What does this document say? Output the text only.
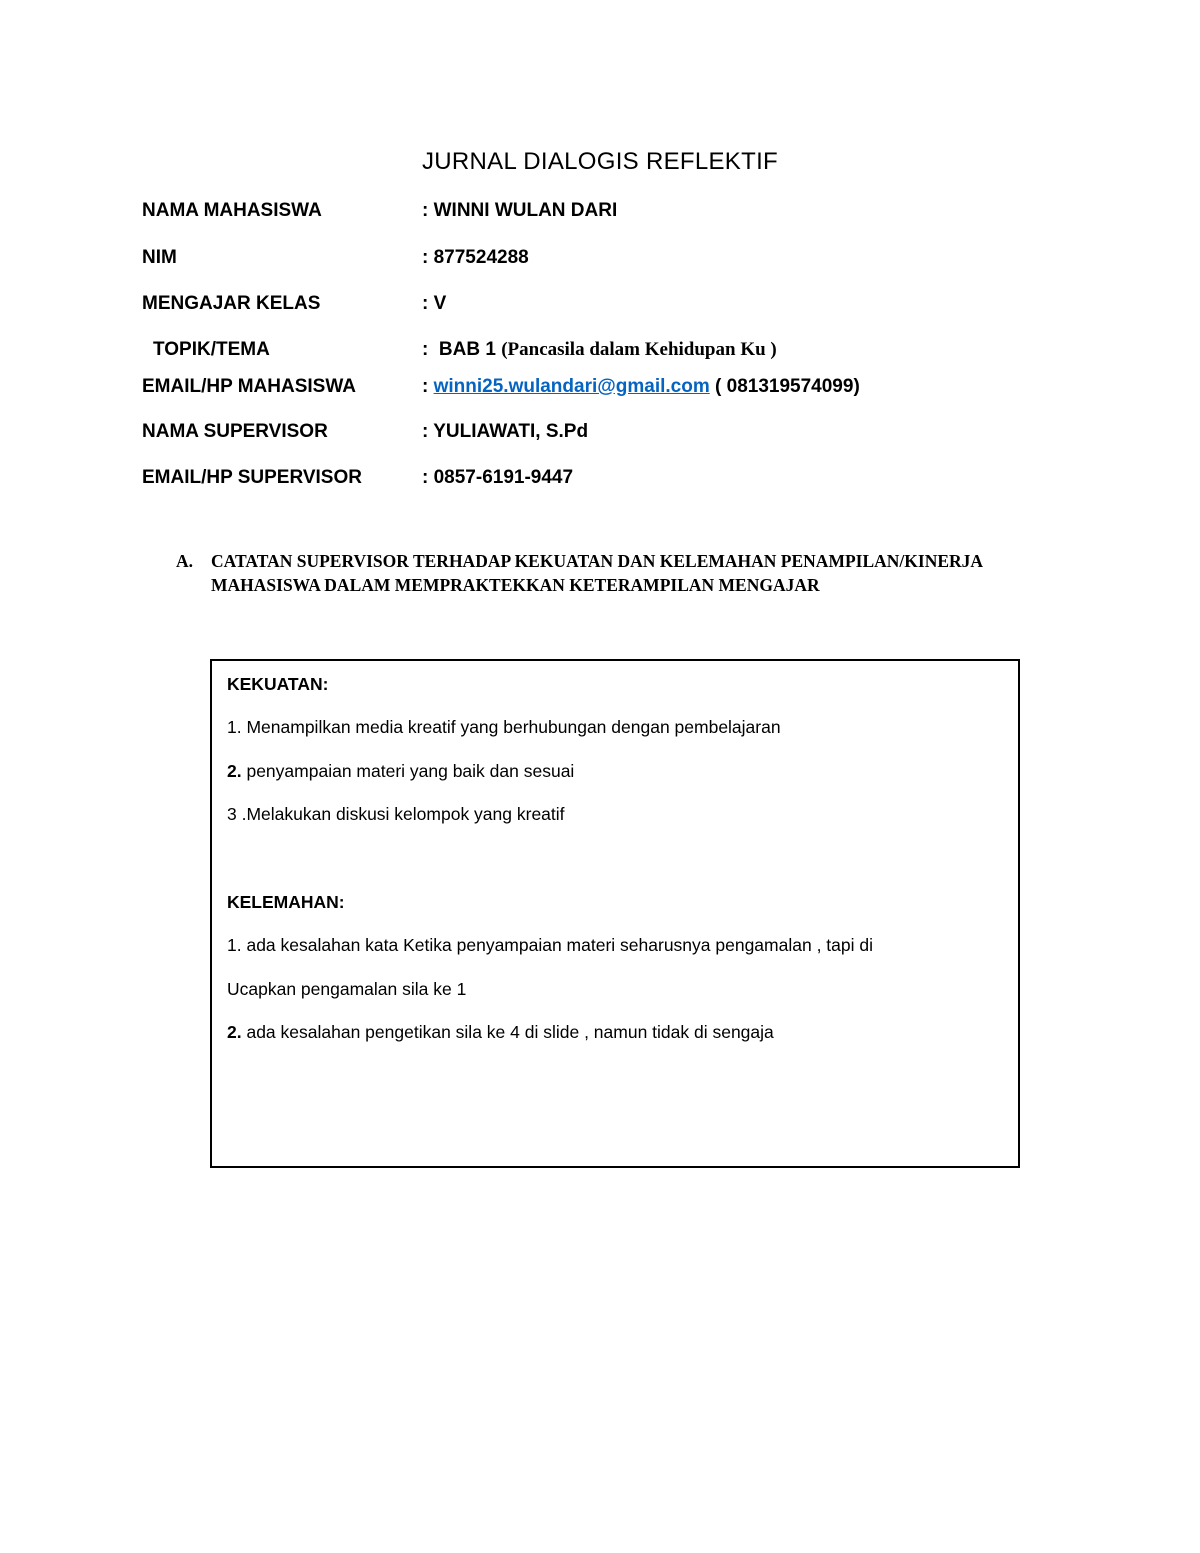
JURNAL DIALOGIS REFLEKTIF
NAMA MAHASISWA	: WINNI WULAN DARI
NIM	: 877524288
MENGAJAR KELAS	: V
TOPIK/TEMA	:  BAB 1 (Pancasila dalam Kehidupan Ku )
EMAIL/HP MAHASISWA	: winni25.wulandari@gmail.com ( 081319574099)
NAMA SUPERVISOR	: YULIAWATI, S.Pd
EMAIL/HP SUPERVISOR	: 0857-6191-9447
A. CATATAN SUPERVISOR TERHADAP KEKUATAN DAN KELEMAHAN PENAMPILAN/KINERJA MAHASISWA DALAM MEMPRAKTEKKAN KETERAMPILAN MENGAJAR
KEKUATAN:
1. Menampilkan media kreatif yang berhubungan dengan pembelajaran
2. penyampaian materi yang baik dan sesuai
3 .Melakukan diskusi kelompok yang kreatif
KELEMAHAN:
1. ada kesalahan kata Ketika penyampaian materi seharusnya pengamalan , tapi di
Ucapkan pengamalan sila ke 1
2. ada kesalahan pengetikan sila ke 4 di slide , namun tidak di sengaja
